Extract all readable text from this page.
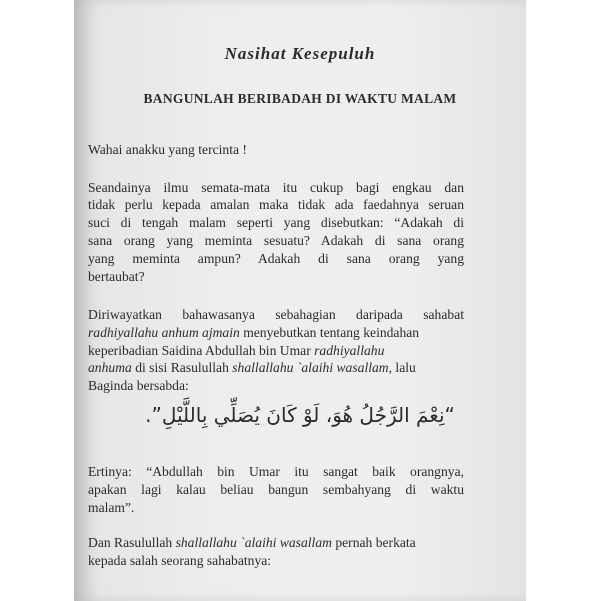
Nasihat Kesepuluh
BANGUNLAH BERIBADAH DI WAKTU MALAM
Wahai anakku yang tercinta !
Seandainya ilmu semata-mata itu cukup bagi engkau dan
tidak perlu kepada amalan maka tidak ada faedahnya seruan
suci di tengah malam seperti yang disebutkan: “Adakah di
sana orang yang meminta sesuatu? Adakah di sana orang
yang meminta ampun? Adakah di sana orang yang
bertaubat?
Diriwayatkan bahawasanya sebahagian daripada sahabat
radhiyallahu anhum ajmain menyebutkan tentang keindahan
keperibadian Saidina Abdullah bin Umar radhiyallahu
anhuma di sisi Rasulullah shallallahu `alaihi wasallam, lalu
Baginda bersabda:
“نِعْمَ الرَّجُلُ هُوَ، لَوْ كَانَ يُصَلِّي بِاللَّيْلِ”.
Ertinya: “Abdullah bin Umar itu sangat baik orangnya,
apakan lagi kalau beliau bangun sembahyang di waktu
malam”.
Dan Rasulullah shallallahu `alaihi wasallam pernah berkata
kepada salah seorang sahabatnya:
